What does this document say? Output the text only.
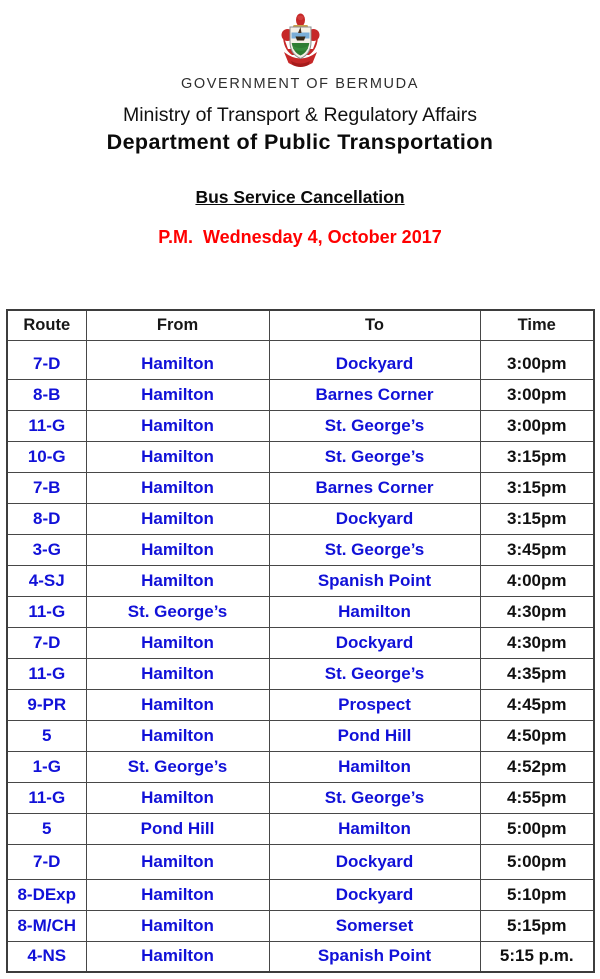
GOVERNMENT OF BERMUDA
Ministry of Transport & Regulatory Affairs
Department of Public Transportation
Bus Service Cancellation
P.M.  Wednesday 4, October 2017
Route	From	To	Time
7-D	Hamilton	Dockyard	3:00pm
8-B	Hamilton	Barnes Corner	3:00pm
11-G	Hamilton	St. George’s	3:00pm
10-G	Hamilton	St. George’s	3:15pm
7-B	Hamilton	Barnes Corner	3:15pm
8-D	Hamilton	Dockyard	3:15pm
3-G	Hamilton	St. George’s	3:45pm
4-SJ	Hamilton	Spanish Point	4:00pm
11-G	St. George’s	Hamilton	4:30pm
7-D	Hamilton	Dockyard	4:30pm
11-G	Hamilton	St. George’s	4:35pm
9-PR	Hamilton	Prospect	4:45pm
5	Hamilton	Pond Hill	4:50pm
1-G	St. George’s	Hamilton	4:52pm
11-G	Hamilton	St. George’s	4:55pm
5	Pond Hill	Hamilton	5:00pm
7-D	Hamilton	Dockyard	5:00pm
8-DExp	Hamilton	Dockyard	5:10pm
8-M/CH	Hamilton	Somerset	5:15pm
4-NS	Hamilton	Spanish Point	5:15 p.m.
